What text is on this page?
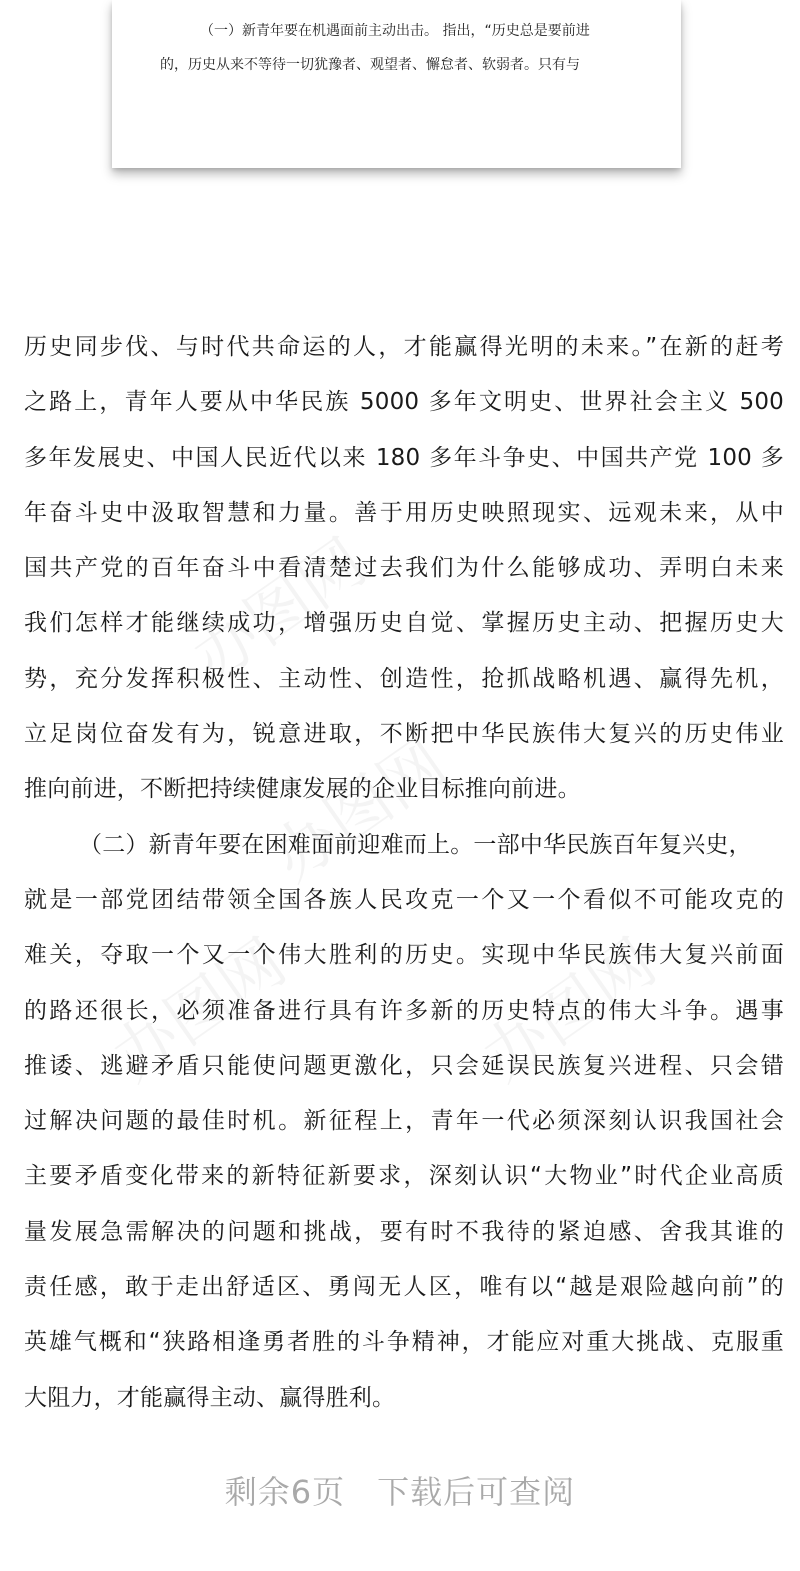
（一）新青年要在机遇面前主动出击。 指出，“历史总是要前进
的，历史从来不等待一切犹豫者、观望者、懈怠者、软弱者。只有与
历史同步伐、与时代共命运的人，才能赢得光明的未来。”在新的赶考
之路上，青年人要从中华民族 5000 多年文明史、世界社会主义 500
多年发展史、中国人民近代以来 180 多年斗争史、中国共产党 100 多
年奋斗史中汲取智慧和力量。善于用历史映照现实、远观未来，从中
国共产党的百年奋斗中看清楚过去我们为什么能够成功、弄明白未来
我们怎样才能继续成功，增强历史自觉、掌握历史主动、把握历史大
势，充分发挥积极性、主动性、创造性，抢抓战略机遇、赢得先机，
立足岗位奋发有为，锐意进取，不断把中华民族伟大复兴的历史伟业
推向前进，不断把持续健康发展的企业目标推向前进。
（二）新青年要在困难面前迎难而上。一部中华民族百年复兴史，
就是一部党团结带领全国各族人民攻克一个又一个看似不可能攻克的
难关，夺取一个又一个伟大胜利的历史。实现中华民族伟大复兴前面
的路还很长，必须准备进行具有许多新的历史特点的伟大斗争。遇事
推诿、逃避矛盾只能使问题更激化，只会延误民族复兴进程、只会错
过解决问题的最佳时机。新征程上，青年一代必须深刻认识我国社会
主要矛盾变化带来的新特征新要求，深刻认识“大物业”时代企业高质
量发展急需解决的问题和挑战，要有时不我待的紧迫感、舍我其谁的
责任感，敢于走出舒适区、勇闯无人区，唯有以“越是艰险越向前”的
英雄气概和“狭路相逢勇者胜的斗争精神，才能应对重大挑战、克服重
大阻力，才能赢得主动、赢得胜利。
剩余6页 下载后可查阅
